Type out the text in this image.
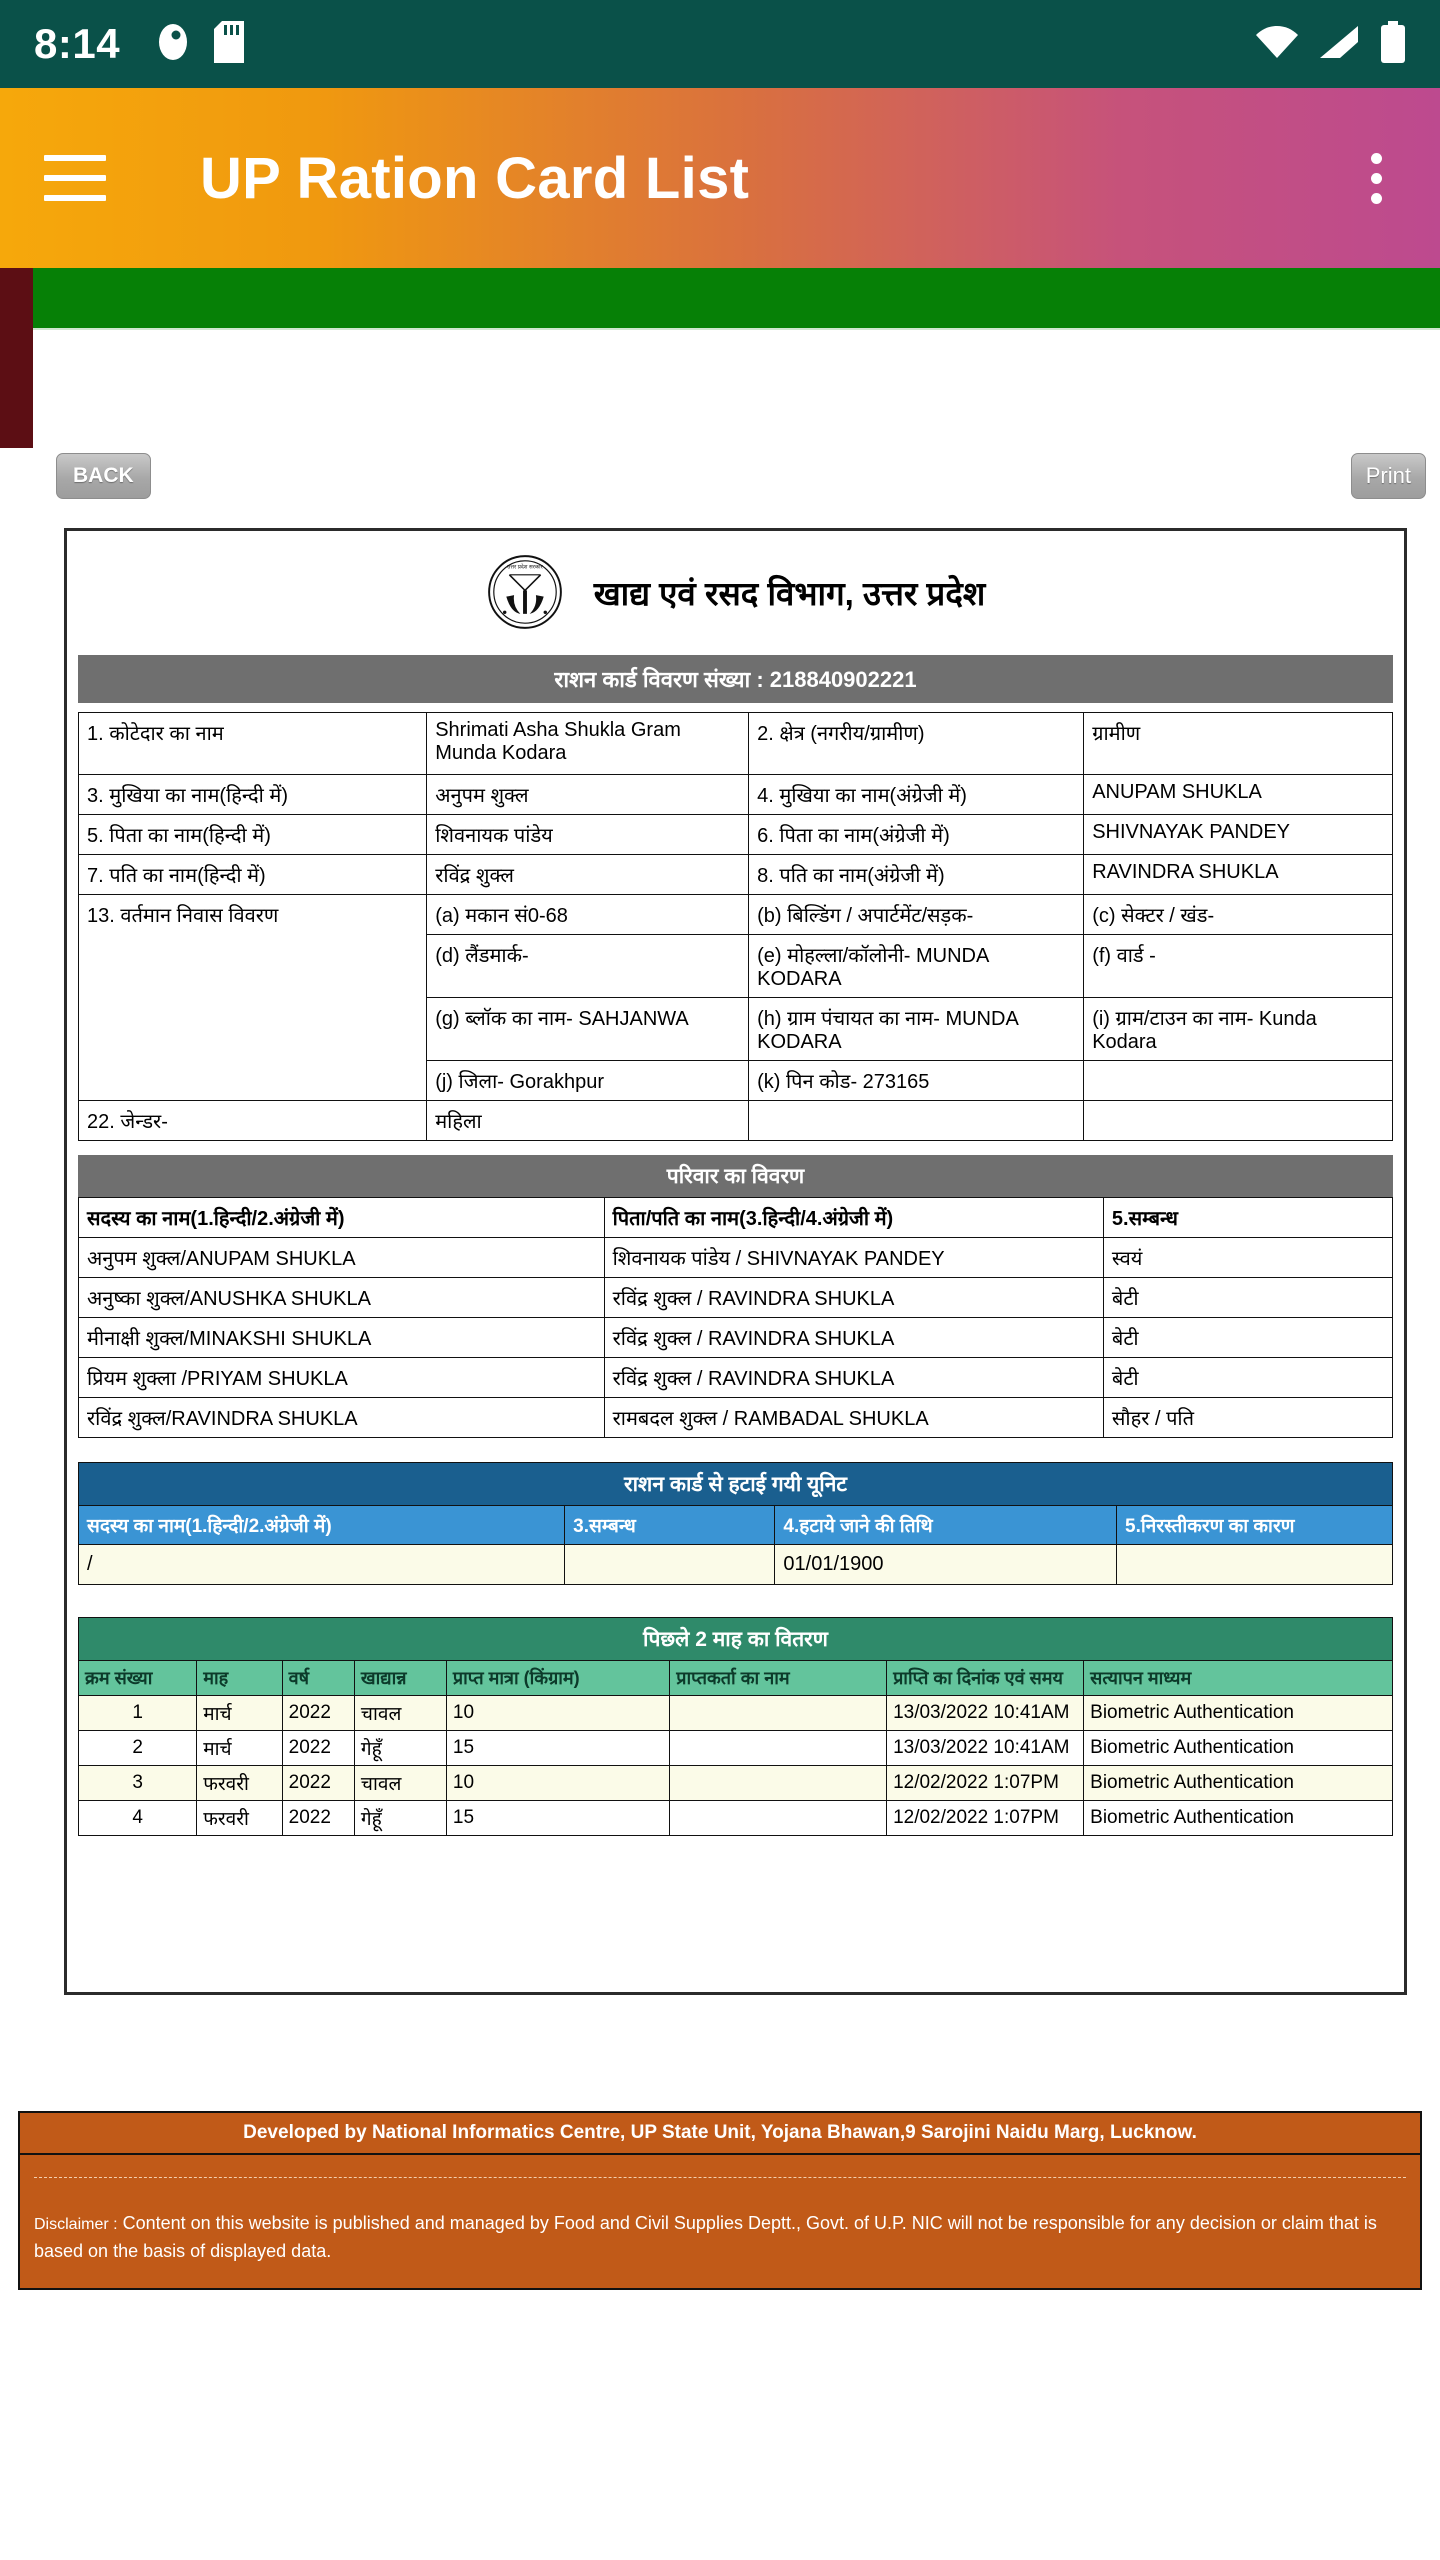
8:14
UP Ration Card List
BACK	Print
उत्तर प्रदेश सरकार
खाद्य एवं रसद विभाग, उत्तर प्रदेश
राशन कार्ड विवरण संख्या : 218840902221
1. कोटेदार का नाम	Shrimati Asha Shukla Gram Munda Kodara	2. क्षेत्र (नगरीय/ग्रामीण)	ग्रामीण
3. मुखिया का नाम(हिन्दी में)	अनुपम शुक्ल	4. मुखिया का नाम(अंग्रेजी में)	ANUPAM SHUKLA
5. पिता का नाम(हिन्दी में)	शिवनायक पांडेय	6. पिता का नाम(अंग्रेजी में)	SHIVNAYAK PANDEY
7. पति का नाम(हिन्दी में)	रविंद्र शुक्ल	8. पति का नाम(अंग्रेजी में)	RAVINDRA SHUKLA
13. वर्तमान निवास विवरण	(a) मकान सं0-68	(b) बिल्डिंग / अपार्टमेंट/सड़क-	(c) सेक्टर / खंड-
	(d) लैंडमार्क-	(e) मोहल्ला/कॉलोनी- MUNDA KODARA	(f) वार्ड -
	(g) ब्लॉक का नाम- SAHJANWA	(h) ग्राम पंचायत का नाम- MUNDA KODARA	(i) ग्राम/टाउन का नाम- Kunda Kodara
	(j) जिला- Gorakhpur	(k) पिन कोड- 273165	
22. जेन्डर-	महिला		
परिवार का विवरण
सदस्य का नाम(1.हिन्दी/2.अंग्रेजी में)	पिता/पति का नाम(3.हिन्दी/4.अंग्रेजी में)	5.सम्बन्ध
अनुपम शुक्ल/ANUPAM SHUKLA	शिवनायक पांडेय / SHIVNAYAK PANDEY	स्वयं
अनुष्का शुक्ल/ANUSHKA SHUKLA	रविंद्र शुक्ल / RAVINDRA SHUKLA	बेटी
मीनाक्षी शुक्ल/MINAKSHI SHUKLA	रविंद्र शुक्ल / RAVINDRA SHUKLA	बेटी
प्रियम शुक्ला /PRIYAM SHUKLA	रविंद्र शुक्ल / RAVINDRA SHUKLA	बेटी
रविंद्र शुक्ल/RAVINDRA SHUKLA	रामबदल शुक्ल / RAMBADAL SHUKLA	सौहर / पति
राशन कार्ड से हटाई गयी यूनिट
सदस्य का नाम(1.हिन्दी/2.अंग्रेजी में)	3.सम्बन्ध	4.हटाये जाने की तिथि	5.निरस्तीकरण का कारण
/		01/01/1900	
पिछले 2 माह का वितरण
क्रम संख्या	माह	वर्ष	खाद्यान्न	प्राप्त मात्रा (किंग्राम)	प्राप्तकर्ता का नाम	प्राप्ति का दिनांक एवं समय	सत्यापन माध्यम
1	मार्च	2022	चावल	10		13/03/2022 10:41AM	Biometric Authentication
2	मार्च	2022	गेहूँ	15		13/03/2022 10:41AM	Biometric Authentication
3	फरवरी	2022	चावल	10		12/02/2022 1:07PM	Biometric Authentication
4	फरवरी	2022	गेहूँ	15		12/02/2022 1:07PM	Biometric Authentication
Developed by National Informatics Centre, UP State Unit, Yojana Bhawan,9 Sarojini Naidu Marg, Lucknow.
Disclaimer : Content on this website is published and managed by Food and Civil Supplies Deptt., Govt. of U.P. NIC will not be responsible for any decision or claim that is based on the basis of displayed data.
